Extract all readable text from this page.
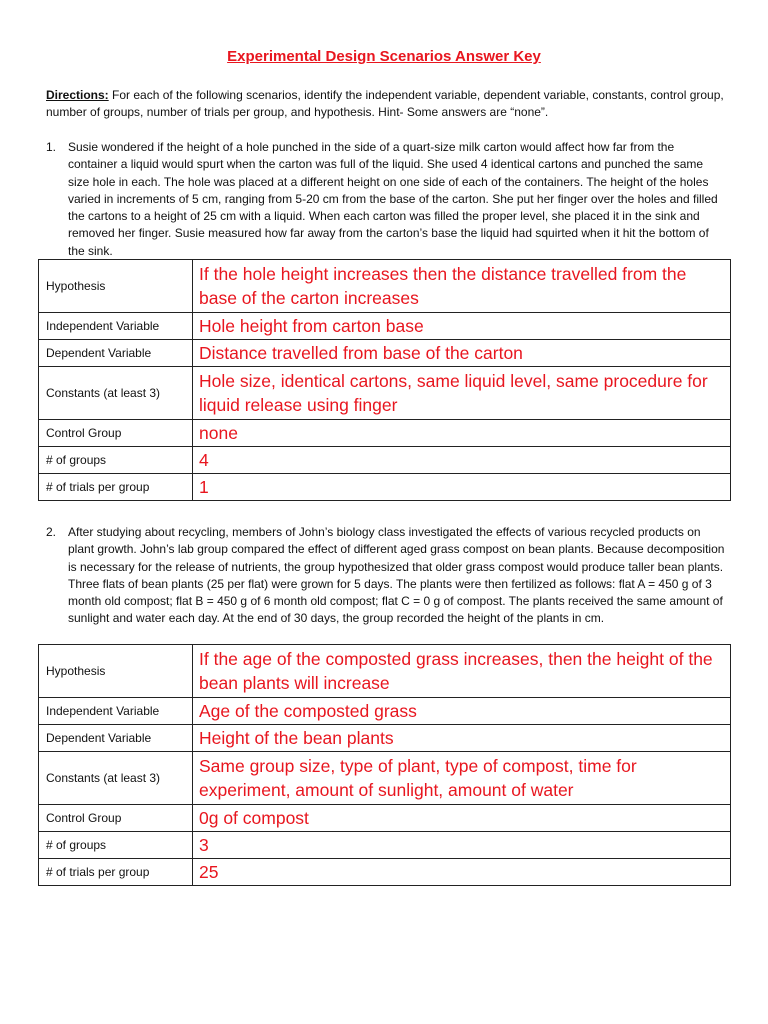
Experimental Design Scenarios Answer Key
Directions: For each of the following scenarios, identify the independent variable, dependent variable, constants, control group, number of groups, number of trials per group, and hypothesis. Hint- Some answers are “none”.
1. Susie wondered if the height of a hole punched in the side of a quart-size milk carton would affect how far from the container a liquid would spurt when the carton was full of the liquid. She used 4 identical cartons and punched the same size hole in each. The hole was placed at a different height on one side of each of the containers. The height of the holes varied in increments of 5 cm, ranging from 5-20 cm from the base of the carton. She put her finger over the holes and filled the cartons to a height of 25 cm with a liquid. When each carton was filled the proper level, she placed it in the sink and removed her finger. Susie measured how far away from the carton’s base the liquid had squirted when it hit the bottom of the sink.
Hypothesis	If the hole height increases then the distance travelled from the base of the carton increases
Independent Variable	Hole height from carton base
Dependent Variable	Distance travelled from base of the carton
Constants (at least 3)	Hole size, identical cartons, same liquid level, same procedure for liquid release using finger
Control Group	none
# of groups	4
# of trials per group	1
2. After studying about recycling, members of John’s biology class investigated the effects of various recycled products on plant growth. John’s lab group compared the effect of different aged grass compost on bean plants. Because decomposition is necessary for the release of nutrients, the group hypothesized that older grass compost would produce taller bean plants. Three flats of bean plants (25 per flat) were grown for 5 days. The plants were then fertilized as follows: flat A = 450 g of 3 month old compost; flat B = 450 g of 6 month old compost; flat C = 0 g of compost. The plants received the same amount of sunlight and water each day. At the end of 30 days, the group recorded the height of the plants in cm.
Hypothesis	If the age of the composted grass increases, then the height of the bean plants will increase
Independent Variable	Age of the composted grass
Dependent Variable	Height of the bean plants
Constants (at least 3)	Same group size, type of plant, type of compost, time for experiment, amount of sunlight, amount of water
Control Group	0g of compost
# of groups	3
# of trials per group	25
